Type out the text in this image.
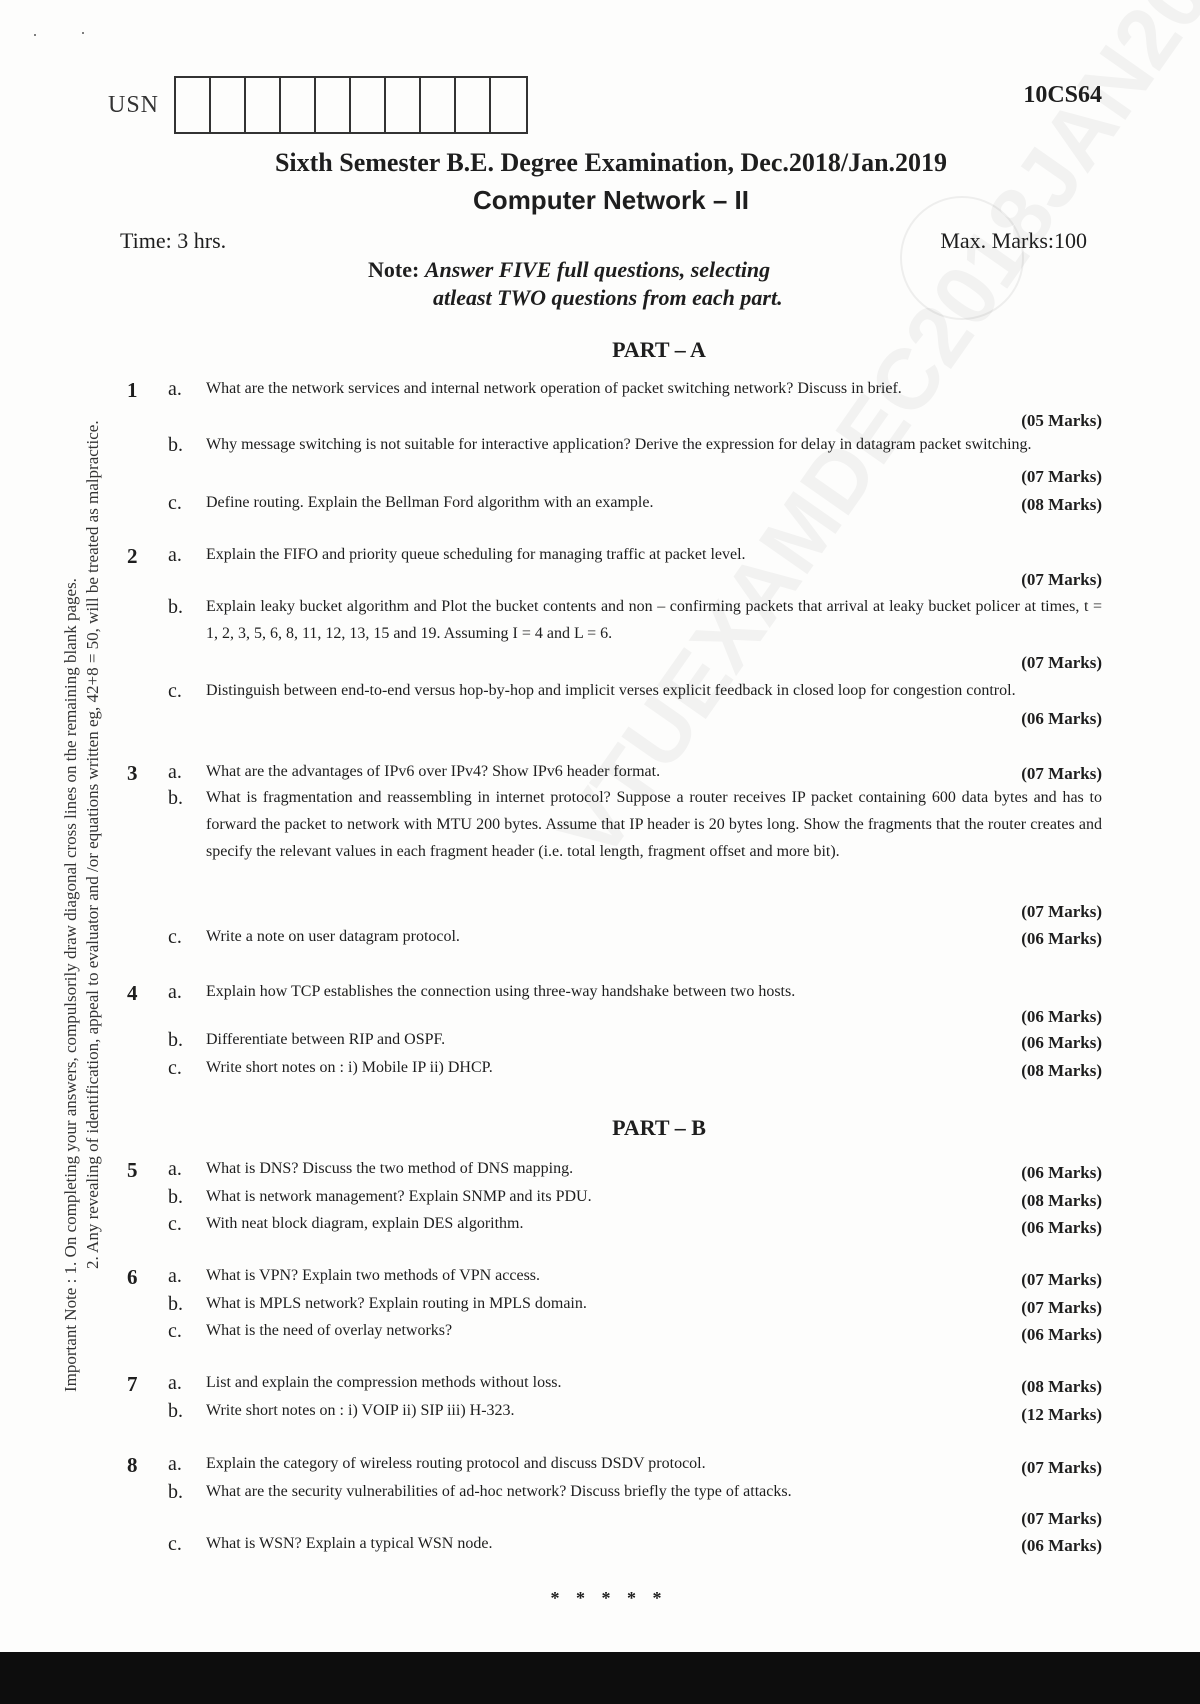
USN	10CS64
Sixth Semester B.E. Degree Examination, Dec.2018/Jan.2019
Computer Network – II
Time: 3 hrs.	Max. Marks:100
Note: Answer FIVE full questions, selecting
atleast TWO questions from each part.
Important Note : 1. On completing your answers, compulsorily draw diagonal cross lines on the remaining blank pages. 2. Any revealing of identification, appeal to evaluator and /or equations written eg, 42+8 = 50, will be treated as malpractice.
PART – A
PART – B
1 a. What are the network services and internal network operation of packet switching network? Discuss in brief.
(05 Marks)
b. Why message switching is not suitable for interactive application? Derive the expression for delay in datagram packet switching.
(07 Marks)
c. Define routing. Explain the Bellman Ford algorithm with an example.	(08 Marks)
2 a. Explain the FIFO and priority queue scheduling for managing traffic at packet level.
(07 Marks)
b. Explain leaky bucket algorithm and Plot the bucket contents and non – confirming packets that arrival at leaky bucket policer at times, t = 1, 2, 3, 5, 6, 8, 11, 12, 13, 15 and 19. Assuming I = 4 and L = 6.
(07 Marks)
c. Distinguish between end-to-end versus hop-by-hop and implicit verses explicit feedback in closed loop for congestion control.
(06 Marks)
3 a. What are the advantages of IPv6 over IPv4? Show IPv6 header format.	(07 Marks)
b. What is fragmentation and reassembling in internet protocol? Suppose a router receives IP packet containing 600 data bytes and has to forward the packet to network with MTU 200 bytes. Assume that IP header is 20 bytes long. Show the fragments that the router creates and specify the relevant values in each fragment header (i.e. total length, fragment offset and more bit).
(07 Marks)
c. Write a note on user datagram protocol.	(06 Marks)
4 a. Explain how TCP establishes the connection using three-way handshake between two hosts.
(06 Marks)
b. Differentiate between RIP and OSPF.	(06 Marks)
c. Write short notes on : i) Mobile IP ii) DHCP.	(08 Marks)
5 a. What is DNS? Discuss the two method of DNS mapping.	(06 Marks)
b. What is network management? Explain SNMP and its PDU.	(08 Marks)
c. With neat block diagram, explain DES algorithm.	(06 Marks)
6 a. What is VPN? Explain two methods of VPN access.	(07 Marks)
b. What is MPLS network? Explain routing in MPLS domain.	(07 Marks)
c. What is the need of overlay networks?	(06 Marks)
7 a. List and explain the compression methods without loss.	(08 Marks)
b. Write short notes on : i) VOIP ii) SIP iii) H-323.	(12 Marks)
8 a. Explain the category of wireless routing protocol and discuss DSDV protocol.	(07 Marks)
b. What are the security vulnerabilities of ad-hoc network? Discuss briefly the type of attacks.
(07 Marks)
c. What is WSN? Explain a typical WSN node.	(06 Marks)
* * * * *
